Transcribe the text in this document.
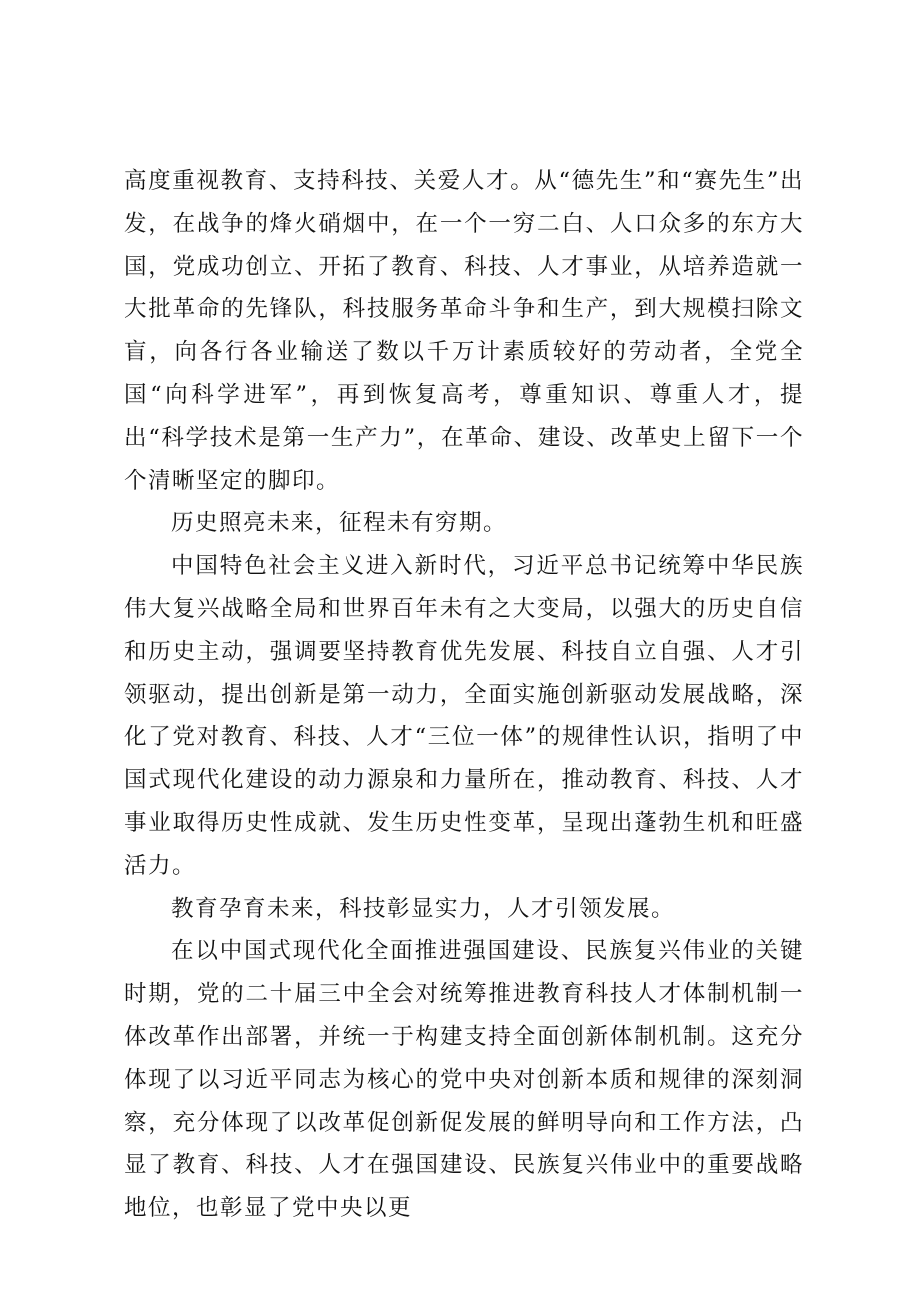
高度重视教育、支持科技、关爱人才。从“德先生”和“赛先生”出发，在战争的烽火硝烟中，在一个一穷二白、人口众多的东方大国，党成功创立、开拓了教育、科技、人才事业，从培养造就一大批革命的先锋队，科技服务革命斗争和生产，到大规模扫除文盲，向各行各业输送了数以千万计素质较好的劳动者，全党全国“向科学进军”，再到恢复高考，尊重知识、尊重人才，提出“科学技术是第一生产力”，在革命、建设、改革史上留下一个个清晰坚定的脚印。

历史照亮未来，征程未有穷期。

中国特色社会主义进入新时代，习近平总书记统筹中华民族伟大复兴战略全局和世界百年未有之大变局，以强大的历史自信和历史主动，强调要坚持教育优先发展、科技自立自强、人才引领驱动，提出创新是第一动力，全面实施创新驱动发展战略，深化了党对教育、科技、人才“三位一体”的规律性认识，指明了中国式现代化建设的动力源泉和力量所在，推动教育、科技、人才事业取得历史性成就、发生历史性变革，呈现出蓬勃生机和旺盛活力。

教育孕育未来，科技彰显实力，人才引领发展。

在以中国式现代化全面推进强国建设、民族复兴伟业的关键时期，党的二十届三中全会对统筹推进教育科技人才体制机制一体改革作出部署，并统一于构建支持全面创新体制机制。这充分体现了以习近平同志为核心的党中央对创新本质和规律的深刻洞察，充分体现了以改革促创新促发展的鲜明导向和工作方法，凸显了教育、科技、人才在强国建设、民族复兴伟业中的重要战略地位，也彰显了党中央以更
